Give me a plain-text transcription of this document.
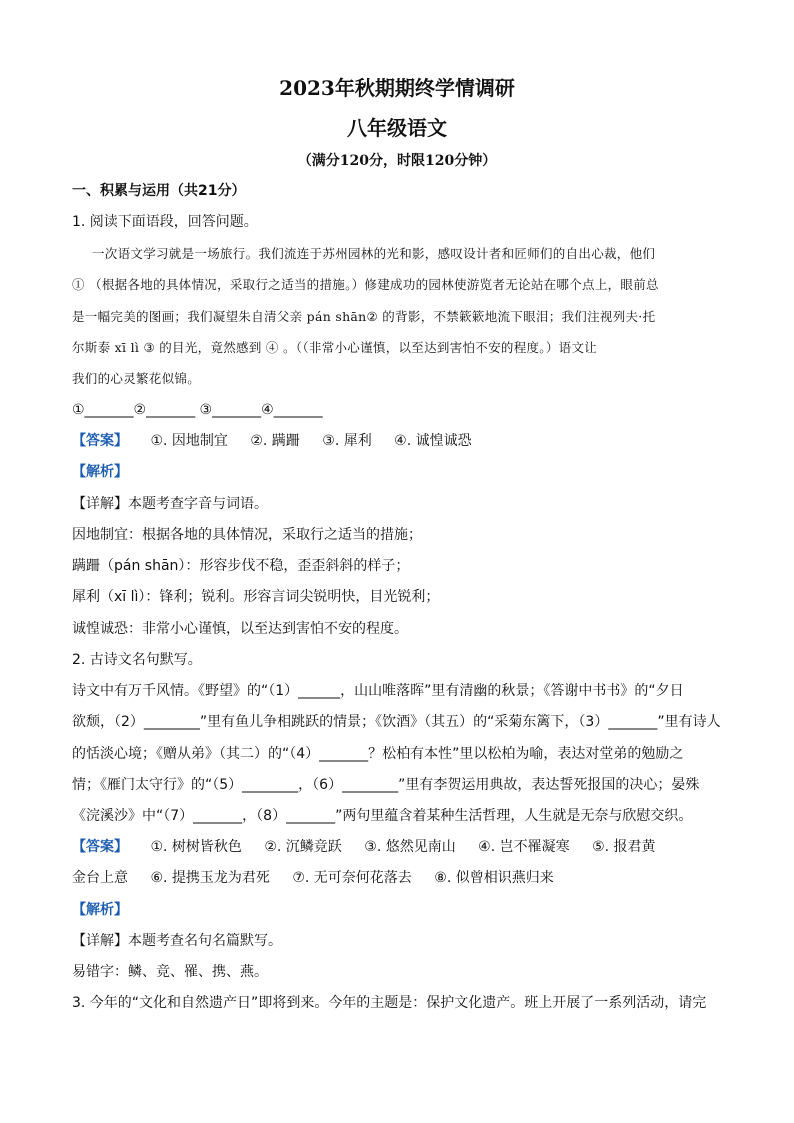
2023年秋期期终学情调研
八年级语文
（满分120分，时限120分钟）
一、积累与运用（共21分）
1. 阅读下面语段，回答问题。
一次语文学习就是一场旅行。我们流连于苏州园林的光和影，感叹设计者和匠师们的自出心裁，他们
① （根据各地的具体情况，采取行之适当的措施。）修建成功的园林使游览者无论站在哪个点上，眼前总
是一幅完美的图画；我们凝望朱自清父亲 pán shān② 的背影，不禁簌簌地流下眼泪；我们注视列夫·托
尔斯泰 xī lì ③ 的目光，竟然感到 ④ 。（（非常小心谨慎，以至达到害怕不安的程度。）语文让
我们的心灵繁花似锦。
①_______②_______ ③_______④_______
【答案】 ①. 因地制宜 ②. 蹒跚 ③. 犀利 ④. 诚惶诚恐
【解析】
【详解】本题考查字音与词语。
因地制宜：根据各地的具体情况，采取行之适当的措施；
蹒跚（pán shān）：形容步伐不稳，歪歪斜斜的样子；
犀利（xī lì）：锋利；锐利。形容言词尖锐明快，目光锐利；
诚惶诚恐：非常小心谨慎，以至达到害怕不安的程度。
2. 古诗文名句默写。
诗文中有万千风情。《野望》的“（1）______，山山唯落晖”里有清幽的秋景；《答谢中书书》的“夕日
欲颓，（2）________”里有鱼儿争相跳跃的情景；《饮酒》（其五）的“采菊东篱下，（3）_______”里有诗人
的恬淡心境；《赠从弟》（其二）的“（4）_______？松柏有本性”里以松柏为喻，表达对堂弟的勉励之
情；《雁门太守行》的“（5）________，（6）________”里有李贺运用典故，表达誓死报国的决心；晏殊
《浣溪沙》中“（7）_______，（8）_______”两句里蕴含着某种生活哲理，人生就是无奈与欣慰交织。
【答案】 ①. 树树皆秋色 ②. 沉鳞竞跃 ③. 悠然见南山 ④. 岂不罹凝寒 ⑤. 报君黄
金台上意 ⑥. 提携玉龙为君死 ⑦. 无可奈何花落去 ⑧. 似曾相识燕归来
【解析】
【详解】本题考查名句名篇默写。
易错字：鳞、竞、罹、携、燕。
3. 今年的“文化和自然遗产日”即将到来。今年的主题是：保护文化遗产。班上开展了一系列活动，请完
